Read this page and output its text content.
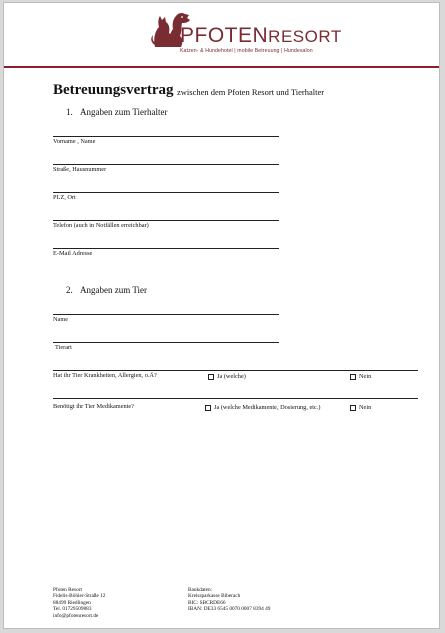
PFOTENRESORT
Katzen- & Hundehotel | mobile Betreuung | Hundesalon
Betreuungsvertrag zwischen dem Pfoten Resort und Tierhalter
1. Angaben zum Tierhalter
Vorname , Name
Straße, Hausnummer
PLZ, Ort
Telefon (auch in Notfällen erreichbar)
E-Mail Adresse
2. Angaben zum Tier
Name
Tierart
Hat ihr Tier Krankheiten, Allergien, o.Ä?	Ja (welche)	Nein
Benötigt ihr Tier Medikamente?	Ja (welche Medikamente, Dosierung, etc.)	Nein
Pfoten Resort
Fidelis-Böhler-Straße 12
88499 Riedlingen
Tel. 01729509883
info@pfotenresort.de
Bankdaten:
Kreissparkasse Biberach
BIC: SBCRDE66
IBAN: DE33 6545 0070 0007 8394 49
